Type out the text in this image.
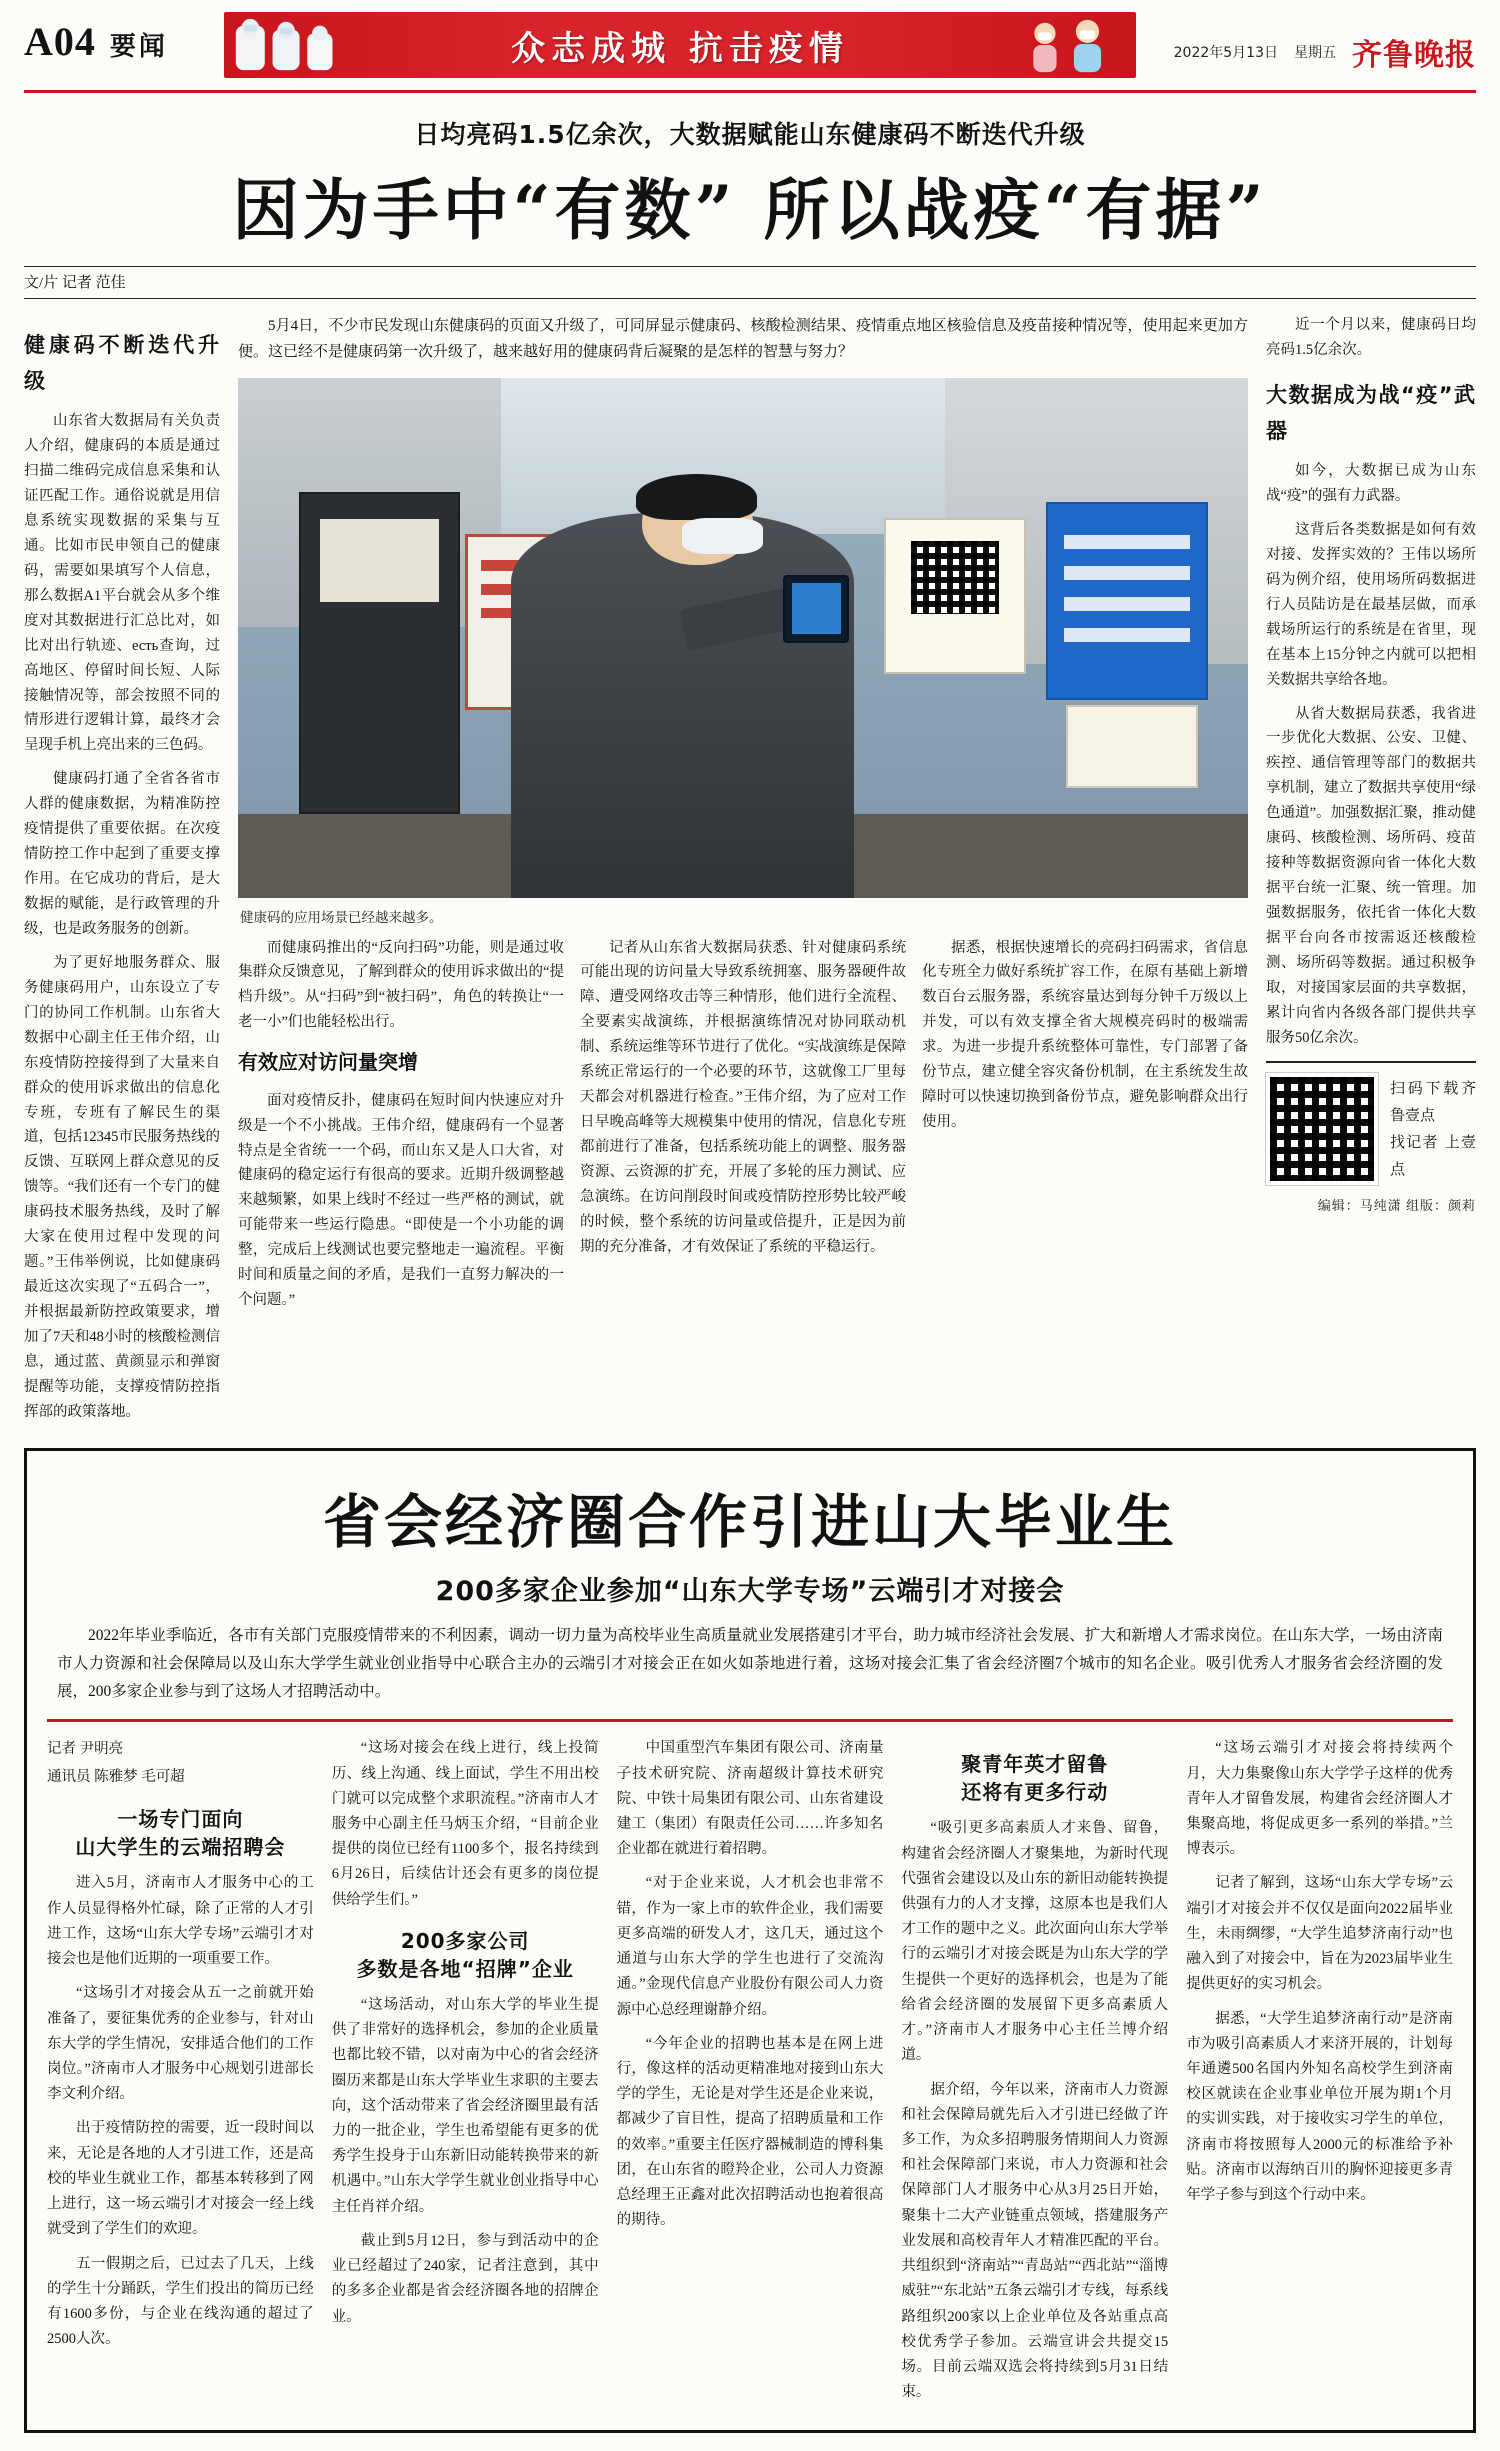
A04 要闻	众志成城 抗击疫情	2022年5月13日 星期五 齐鲁晚报
日均亮码1.5亿余次，大数据赋能山东健康码不断迭代升级
因为手中“有数” 所以战疫“有据”
文/片 记者 范佳
健康码不断迭代升级

山东省大数据局有关负责人介绍，健康码的本质是通过扫描二维码完成信息采集和认证匹配工作。通俗说就是用信息系统实现数据的采集与互通。比如市民申领自己的健康码，需要如果填写个人信息，那么数据A1平台就会从多个维度对其数据进行汇总比对，如比对出行轨迹、есть查询，过高地区、停留时间长短、人际接触情况等，部会按照不同的情形进行逻辑计算，最终才会呈现手机上亮出来的三色码。

健康码打通了全省各省市人群的健康数据，为精准防控疫情提供了重要依据。在次疫情防控工作中起到了重要支撑作用。在它成功的背后，是大数据的赋能，是行政管理的升级，也是政务服务的创新。

为了更好地服务群众、服务健康码用户，山东设立了专门的协同工作机制。山东省大数据中心副主任王伟介绍，山东疫情防控接得到了大量来自群众的使用诉求做出的信息化专班，专班有了解民生的渠道，包括12345市民服务热线的反馈、互联网上群众意见的反馈等。“我们还有一个专门的健康码技术服务热线，及时了解大家在使用过程中发现的问题。”王伟举例说，比如健康码最近这次实现了“五码合一”，并根据最新防控政策要求，增加了7天和48小时的核酸检测信息，通过蓝、黄颜显示和弹窗提醒等功能，支撑疫情防控指挥部的政策落地。

5月4日，不少市民发现山东健康码的页面又升级了，可同屏显示健康码、核酸检测结果、疫情重点地区核验信息及疫苗接种情况等，使用起来更加方便。这已经不是健康码第一次升级了，越来越好用的健康码背后凝聚的是怎样的智慧与努力？

健康码的应用场景已经越来越多。

而健康码推出的“反向扫码”功能，则是通过收集群众反馈意见，了解到群众的使用诉求做出的“提档升级”。从“扫码”到“被扫码”，角色的转换让“一老一小”们也能轻松出行。

有效应对访问量突增

面对疫情反扑，健康码在短时间内快速应对升级是一个不小挑战。王伟介绍，健康码有一个显著特点是全省统一一个码，而山东又是人口大省，对健康码的稳定运行有很高的要求。近期升级调整越来越频繁，如果上线时不经过一些严格的测试，就可能带来一些运行隐患。“即使是一个小功能的调整，完成后上线测试也要完整地走一遍流程。平衡时间和质量之间的矛盾，是我们一直努力解决的一个问题。”

记者从山东省大数据局获悉、针对健康码系统可能出现的访问量大导致系统拥塞、服务器硬件故障、遭受网络攻击等三种情形，他们进行全流程、全要素实战演练，并根据演练情况对协同联动机制、系统运维等环节进行了优化。“实战演练是保障系统正常运行的一个必要的环节，这就像工厂里每天都会对机器进行检查。”王伟介绍，为了应对工作日早晚高峰等大规模集中使用的情况，信息化专班都前进行了准备，包括系统功能上的调整、服务器资源、云资源的扩充，开展了多轮的压力测试、应急演练。在访问削段时间或疫情防控形势比较严峻的时候，整个系统的访问量或倍提升，正是因为前期的充分准备，才有效保证了系统的平稳运行。

据悉，根据快速增长的亮码扫码需求，省信息化专班全力做好系统扩容工作，在原有基础上新增数百台云服务器，系统容量达到每分钟千万级以上并发，可以有效支撑全省大规模亮码时的极端需求。为进一步提升系统整体可靠性，专门部署了备份节点，建立健全容灾备份机制，在主系统发生故障时可以快速切换到备份节点，避免影响群众出行使用。

近一个月以来，健康码日均亮码1.5亿余次。

大数据成为战“疫”武器

如今，大数据已成为山东战“疫”的强有力武器。

这背后各类数据是如何有效对接、发挥实效的？王伟以场所码为例介绍，使用场所码数据进行人员陆访是在最基层做，而承载场所运行的系统是在省里，现在基本上15分钟之内就可以把相关数据共享给各地。

从省大数据局获悉，我省进一步优化大数据、公安、卫健、疾控、通信管理等部门的数据共享机制，建立了数据共享使用“绿色通道”。加强数据汇聚，推动健康码、核酸检测、场所码、疫苗接种等数据资源向省一体化大数据平台统一汇聚、统一管理。加强数据服务，依托省一体化大数据平台向各市按需返还核酸检测、场所码等数据。通过积极争取，对接国家层面的共享数据，累计向省内各级各部门提供共享服务50亿余次。

扫码下载齐鲁壹点
找记者 上壹点
编辑：马纯潇 组版：颜莉
省会经济圈合作引进山大毕业生
200多家企业参加“山东大学专场”云端引才对接会

2022年毕业季临近，各市有关部门克服疫情带来的不利因素，调动一切力量为高校毕业生高质量就业发展搭建引才平台，助力城市经济社会发展、扩大和新增人才需求岗位。在山东大学，一场由济南市人力资源和社会保障局以及山东大学学生就业创业指导中心联合主办的云端引才对接会正在如火如荼地进行着，这场对接会汇集了省会经济圈7个城市的知名企业。吸引优秀人才服务省会经济圈的发展，200多家企业参与到了这场人才招聘活动中。

记者 尹明亮
通讯员 陈雅梦 毛可超
一场专门面向
山大学生的云端招聘会

进入5月，济南市人才服务中心的工作人员显得格外忙碌，除了正常的人才引进工作，这场“山东大学专场”云端引才对接会也是他们近期的一项重要工作。

“这场引才对接会从五一之前就开始准备了，要征集优秀的企业参与，针对山东大学的学生情况，安排适合他们的工作岗位。”济南市人才服务中心规划引进部长李文利介绍。

出于疫情防控的需要，近一段时间以来，无论是各地的人才引进工作，还是高校的毕业生就业工作，都基本转移到了网上进行，这一场云端引才对接会一经上线就受到了学生们的欢迎。

五一假期之后，已过去了几天，上线的学生十分踊跃，学生们投出的简历已经有1600多份，与企业在线沟通的超过了2500人次。

“这场对接会在线上进行，线上投简历、线上沟通、线上面试，学生不用出校门就可以完成整个求职流程。”济南市人才服务中心副主任马炳玉介绍，“目前企业提供的岗位已经有1100多个，报名持续到6月26日，后续估计还会有更多的岗位提供给学生们。”

200多家公司
多数是各地“招牌”企业

“这场活动，对山东大学的毕业生提供了非常好的选择机会，参加的企业质量也都比较不错，以对南为中心的省会经济圈历来都是山东大学毕业生求职的主要去向，这个活动带来了省会经济圈里最有活力的一批企业，学生也希望能有更多的优秀学生投身于山东新旧动能转换带来的新机遇中。”山东大学学生就业创业指导中心主任肖祥介绍。

截止到5月12日，参与到活动中的企业已经超过了240家，记者注意到，其中的多多企业都是省会经济圈各地的招牌企业。

中国重型汽车集团有限公司、济南量子技术研究院、济南超级计算技术研究院、中铁十局集团有限公司、山东省建设建工（集团）有限责任公司……许多知名企业都在就进行着招聘。

“对于企业来说，人才机会也非常不错，作为一家上市的软件企业，我们需要更多高端的研发人才，这几天，通过这个通道与山东大学的学生也进行了交流沟通。”金现代信息产业股份有限公司人力资源中心总经理谢静介绍。

“今年企业的招聘也基本是在网上进行，像这样的活动更精准地对接到山东大学的学生，无论是对学生还是企业来说，都减少了盲目性，提高了招聘质量和工作的效率。”重要主任医疗器械制造的博科集团，在山东省的瞪羚企业，公司人力资源总经理王正鑫对此次招聘活动也抱着很高的期待。

聚青年英才留鲁
还将有更多行动

“吸引更多高素质人才来鲁、留鲁，构建省会经济圈人才聚集地，为新时代现代强省会建设以及山东的新旧动能转换提供强有力的人才支撑，这原本也是我们人才工作的题中之义。此次面向山东大学举行的云端引才对接会既是为山东大学的学生提供一个更好的选择机会，也是为了能给省会经济圈的发展留下更多高素质人才。”济南市人才服务中心主任兰博介绍道。

据介绍，今年以来，济南市人力资源和社会保障局就先后入才引进已经做了许多工作，为众多招聘服务情期间人力资源和社会保障部门来说，市人力资源和社会保障部门人才服务中心从3月25日开始，聚集十二大产业链重点领域，搭建服务产业发展和高校青年人才精准匹配的平台。共组织到“济南站”“青岛站”“西北站”“淄博威驻”“东北站”五条云端引才专线，每系线路组织200家以上企业单位及各站重点高校优秀学子参加。云端宣讲会共提交15场。目前云端双选会将持续到5月31日结束。

“这场云端引才对接会将持续两个月，大力集聚像山东大学学子这样的优秀青年人才留鲁发展，构建省会经济圈人才集聚高地，将促成更多一系列的举措。”兰博表示。

记者了解到，这场“山东大学专场”云端引才对接会并不仅仅是面向2022届毕业生，未雨绸缪，“大学生追梦济南行动”也融入到了对接会中，旨在为2023届毕业生提供更好的实习机会。

据悉，“大学生追梦济南行动”是济南市为吸引高素质人才来济开展的，计划每年通遴500名国内外知名高校学生到济南校区就读在企业事业单位开展为期1个月的实训实践，对于接收实习学生的单位，济南市将按照每人2000元的标准给予补贴。济南市以海纳百川的胸怀迎接更多青年学子参与到这个行动中来。
